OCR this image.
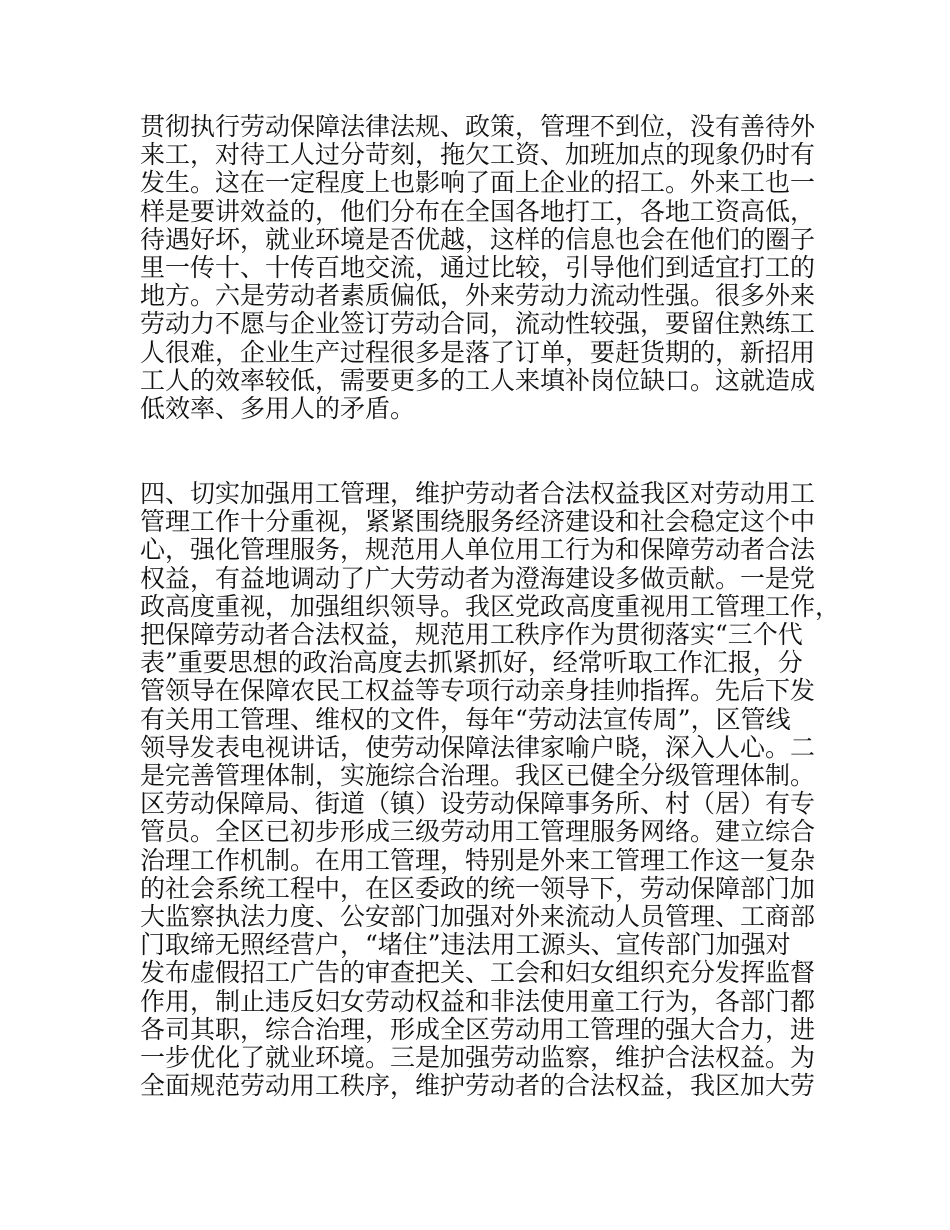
贯彻执行劳动保障法律法规、政策，管理不到位，没有善待外
来工，对待工人过分苛刻，拖欠工资、加班加点的现象仍时有
发生。这在一定程度上也影响了面上企业的招工。外来工也一
样是要讲效益的，他们分布在全国各地打工，各地工资高低，
待遇好坏，就业环境是否优越，这样的信息也会在他们的圈子
里一传十、十传百地交流，通过比较，引导他们到适宜打工的
地方。六是劳动者素质偏低，外来劳动力流动性强。很多外来
劳动力不愿与企业签订劳动合同，流动性较强，要留住熟练工
人很难，企业生产过程很多是落了订单，要赶货期的，新招用
工人的效率较低，需要更多的工人来填补岗位缺口。这就造成
低效率、多用人的矛盾。
四、切实加强用工管理，维护劳动者合法权益我区对劳动用工
管理工作十分重视，紧紧围绕服务经济建设和社会稳定这个中
心，强化管理服务，规范用人单位用工行为和保障劳动者合法
权益，有益地调动了广大劳动者为澄海建设多做贡献。一是党
政高度重视，加强组织领导。我区党政高度重视用工管理工作，
把保障劳动者合法权益，规范用工秩序作为贯彻落实“三个代
表”重要思想的政治高度去抓紧抓好，经常听取工作汇报，分
管领导在保障农民工权益等专项行动亲身挂帅指挥。先后下发
有关用工管理、维权的文件，每年“劳动法宣传周”，区管线
领导发表电视讲话，使劳动保障法律家喻户晓，深入人心。二
是完善管理体制，实施综合治理。我区已健全分级管理体制。
区劳动保障局、街道（镇）设劳动保障事务所、村（居）有专
管员。全区已初步形成三级劳动用工管理服务网络。建立综合
治理工作机制。在用工管理，特别是外来工管理工作这一复杂
的社会系统工程中，在区委政的统一领导下，劳动保障部门加
大监察执法力度、公安部门加强对外来流动人员管理、工商部
门取缔无照经营户，“堵住”违法用工源头、宣传部门加强对
发布虚假招工广告的审查把关、工会和妇女组织充分发挥监督
作用，制止违反妇女劳动权益和非法使用童工行为，各部门都
各司其职，综合治理，形成全区劳动用工管理的强大合力，进
一步优化了就业环境。三是加强劳动监察，维护合法权益。为
全面规范劳动用工秩序，维护劳动者的合法权益，我区加大劳
